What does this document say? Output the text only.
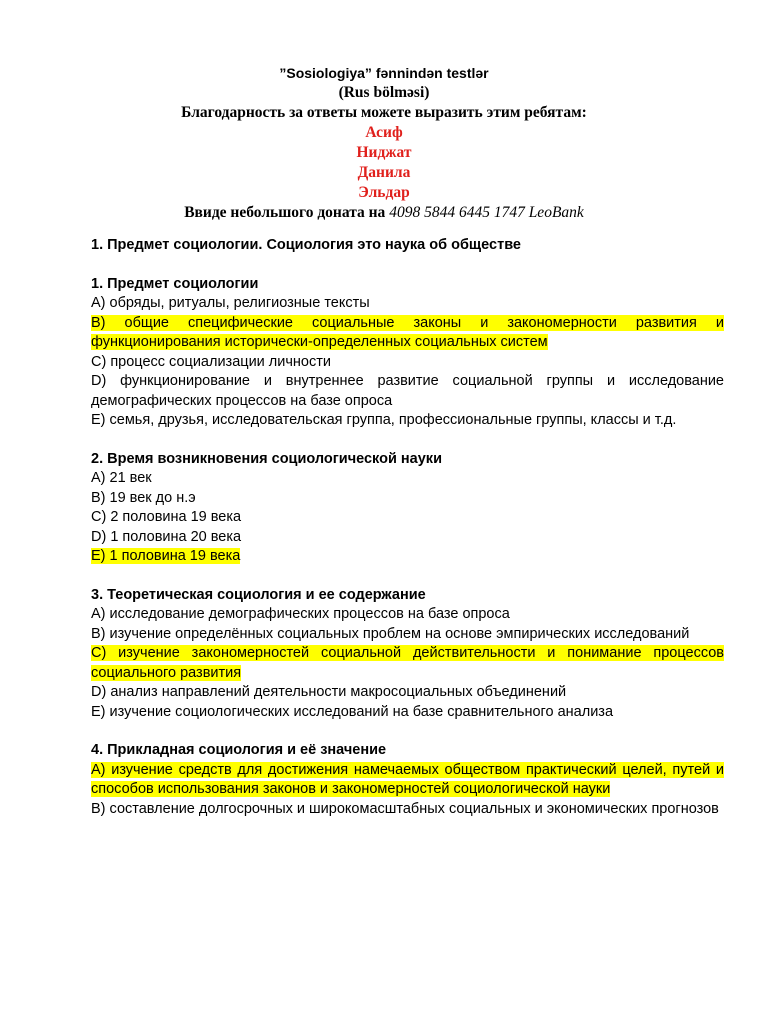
”Sosiologiya” fənnindən testlər
(Rus bölməsi)
Благодарность за ответы можете выразить этим ребятам:
Асиф
Ниджат
Данила
Эльдар
Ввиде небольшого доната на 4098 5844 6445 1747 LeoBank

1. Предмет социологии. Социология это наука об обществе

1. Предмет социологии

A) обряды, ритуалы, религиозные тексты

B) общие специфические социальные законы и закономерности развития и функционирования исторически-определенных социальных систем

C) процесс социализации личности

D) функционирование и внутреннее развитие социальной группы и исследование демографических процессов на базе опроса

E) семья, друзья, исследовательская группа, профессиональные группы, классы и т.д.

2. Время возникновения социологической науки

A) 21 век

B) 19 век до н.э

C) 2 половина 19 века

D) 1 половина 20 века

E) 1 половина 19 века

3. Теоретическая социология и ее содержание

A) исследование демографических процессов на базе опроса

B) изучение определённых социальных проблем на основе эмпирических исследований

C) изучение закономерностей социальной действительности и понимание процессов социального развития

D) анализ направлений деятельности макросоциальных объединений

E) изучение социологических исследований на базе сравнительного анализа

4. Прикладная социология и её значение

A) изучение средств для достижения намечаемых обществом практический целей, путей и способов использования законов и закономерностей социологической науки

B) составление долгосрочных и широкомасштабных социальных и экономических прогнозов
